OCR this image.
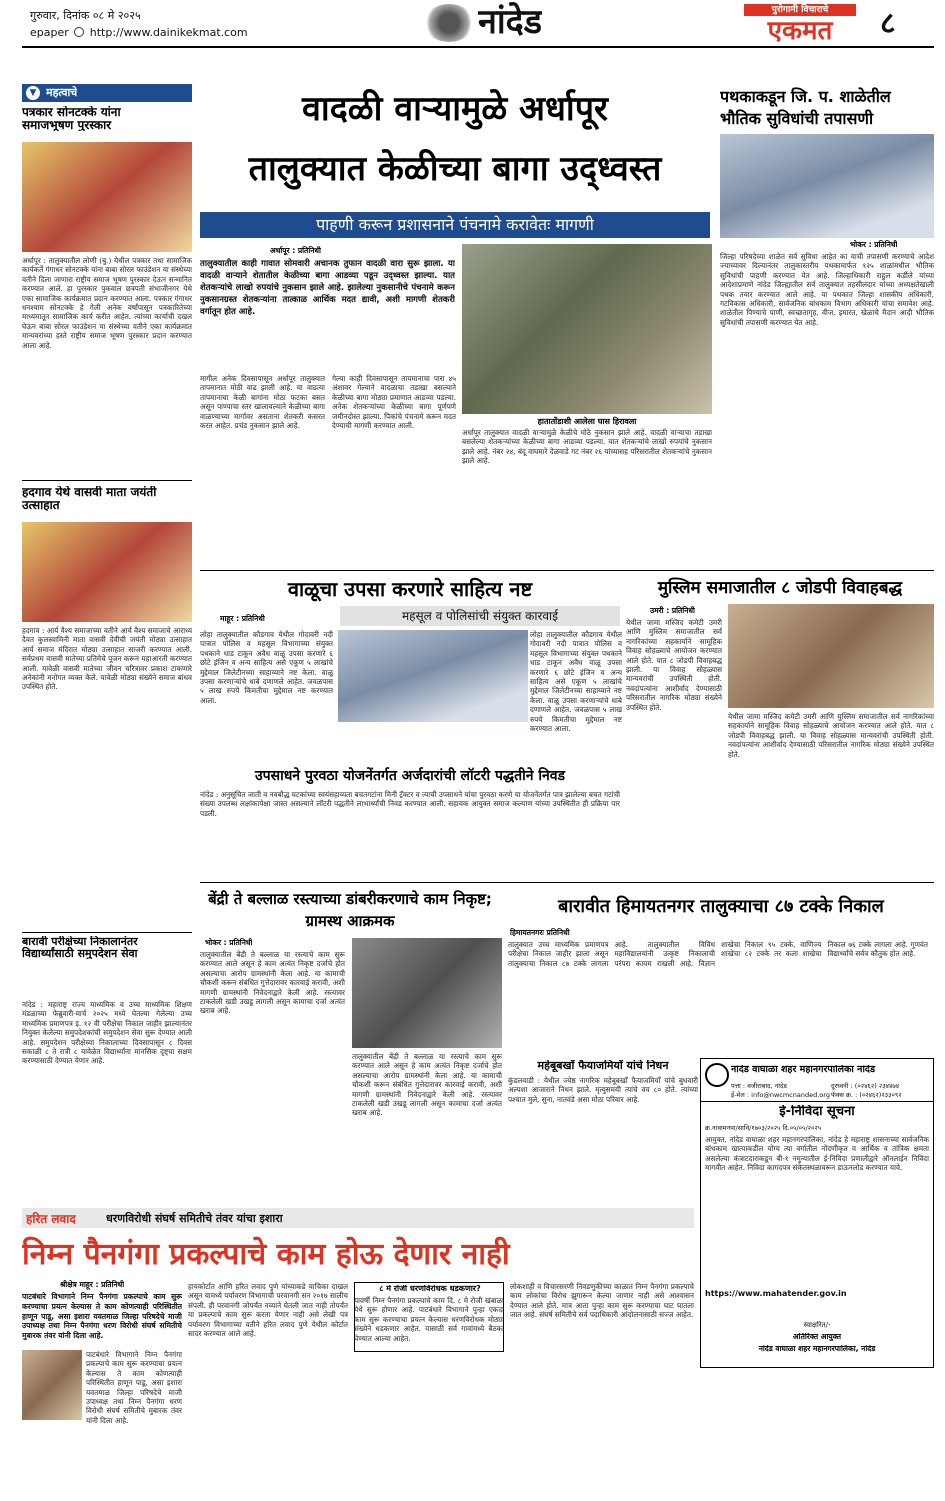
गुरुवार, दिनांक ०८ मे २०२५
epaper http://www.dainikekmat.com	नांदेड	पुरोगामी विचाराचे
एकमत	८
▼ महत्वाचे
पत्रकार सोनटक्के यांना समाजभूषण पुरस्कार
अर्धापूर : तालुक्यातील लोणी (बु.) येथील पत्रकार तथा सामाजिक कार्यकर्ते गंगाधर सोनटक्के यांना बाबा सोरल फाउंडेशन या संस्थेच्या वतीने दिला जाणारा राष्ट्रीय समाज भूषण पुरस्कार देऊन सन्मानित करण्यात आले. हा पुरस्कार पुकवाल छत्रपती संभाजीनगर येथे एका सामाजिक कार्यक्रमात प्रदान करण्यात आला. पत्रकार गंगाधर धनश्याम सोनटक्के हे गेली अनेक वर्षांपासून पत्रकारितेच्या माध्यमातून सामाजिक कार्य करीत आहेत. त्यांच्या कार्याची दखल घेऊन बाबा सोरल फाउंडेशन या संस्थेच्या वतीने एका कार्यक्रमात मान्यवरांच्या हस्ते राष्ट्रीय समाज भूषण पुरस्कार प्रदान करण्यात आला आहे.
हदगाव येथे वासवी माता जयंती उत्साहात
हदगाव : आर्य वैश्य समाजाच्या वतीने आर्य वैश्य समाजाचे आराध्य दैवत कुलस्वामिनी माता वासवी देवीची जयंती मोठ्या उत्साहात आर्य समाज मंदिरात मोठ्या उत्साहात साजरी करण्यात आली. सर्वप्रथम वासवी मातेच्या प्रतिमेचे पूजन करून महाआरती करण्यात आली. यावेळी वासवी मातेच्या जीवन चरित्रावर प्रकाश टाकणारे अनेकांनी मनोगत व्यक्त केले. यावेळी मोठ्या संख्येने समाज बांधव उपस्थित होते.
बारावी परीक्षेच्या निकालानंतर विद्यार्थ्यांसाठी समुपदेशन सेवा
नांदेड : महाराष्ट्र राज्य माध्यमिक व उच्च माध्यमिक शिक्षण मंडळाच्या फेब्रुवारी-मार्च २०२५ मध्ये घेतल्या गेलेल्या उच्च माध्यमिक प्रमाणपत्र इ. १२ वी परीक्षेचा निकाल जाहीर झाल्यानंतर नियुक्त केलेल्या समुपदेशकांची समुपदेशन सेवा सुरू देण्यात आली आहे. समुपदेशन परीक्षेच्या निकालाच्या दिवसापासून ८ दिवस सकाळी ८ ते रात्री ८ यावेळेत विद्यार्थ्यांना मानसिक दृष्ट्या सक्षम करण्यासाठी देण्यात येणार आहे.
वादळी वाऱ्यामुळे अर्धापूर
तालुक्यात केळीच्या बागा उद्ध्वस्त
पाहणी करून प्रशासनाने पंचनामे करावेतः मागणी
अर्धापूर : प्रतिनिधी
तालुक्यातील काही गावात सोमवारी अचानक तुफान वादळी वारा सुरू झाला. या वादळी वाऱ्याने शेतातील केळीच्या बागा आडव्या पडून उद्ध्वस्त झाल्या. यात शेतकऱ्यांचे लाखो रुपयांचे नुकसान झाले आहे. झालेल्या नुकसानीचे पंचनामे करून नुकसानग्रस्त शेतकऱ्यांना तात्काळ आर्थिक मदत द्यावी, अशी मागणी शेतकरी वर्गातून होत आहे.
मागील अनेक दिवसापासून अर्धापूर तालुक्यात तापमानात मोठी वाढ झाली आहे. या वाढत्या तापमानाचा केळी बागांना मोठा फटका बसत असून पाण्याचा स्तर खालावल्याने केळीच्या बागा वाळण्याच्या मार्गावर असताना शेतकरी कसरत करत आहेत. प्रचंड नुकसान झाले आहे.
गेल्या काही दिवसापासून तापमानाचा पारा ४५ अंशावर गेल्याने वादळाचा तडाखा बसल्याने केळीच्या बागा मोठ्या प्रमाणात आडव्या पडल्या. अनेक शेतकऱ्यांच्या केळीच्या बागा पूर्णपणे जमीनदोस्त झाल्या. पिकांचे पंचनामे करून मदत देण्याची मागणी करण्यात आली.	हातातोंडाशी आलेला घास हिरावला
अर्धापूर तालुक्यात वादळी वाऱ्यामुळे केळीचे मोठे नुकसान झाले आहे. वादळी वाऱ्याचा तडाखा बसलेल्या शेतकऱ्यांच्या केळीच्या बागा आडव्या पडल्या. यात शेतकऱ्यांचे लाखो रुपयांचे नुकसान झाले आहे. नंबर २४, बंदू वाघमारे देळवाडे गट नंबर २६ यांच्यासह परिसरातील शेतकऱ्यांचे नुकसान झाले आहे.
पथकाकडून जि. प. शाळेतील भौतिक सुविधांची तपासणी
भोकर : प्रतिनिधी
जिल्हा परिषदेच्या शाळेत सर्व सुविधा आहेत का याची तपासणी करण्याचे आदेश ज्याच्यावर दिल्यानंतर तालुकास्तरीय पथकामार्फत १२५ शाळांमधील भौतिक सुविधांची पाहणी करण्यात येत आहे. जिल्हाधिकारी राहुल कर्डीले यांच्या आदेशाप्रमाणे नांदेड जिल्ह्यातील सर्व तालुक्यात तहसीलदार यांच्या अध्यक्षतेखाली पथक तयार करण्यात आले आहे. या पथकात जिल्हा शासकीय अधिकारी, गटविकास अधिकारी, सार्वजनिक बांधकाम विभाग अधिकारी यांचा समावेश आहे. शाळेतील पिण्याचे पाणी, स्वच्छतागृह, वीज, इमारत, खेळाचे मैदान आदी भौतिक सुविधांची तपासणी करण्यात येत आहे.
वाळूचा उपसा करणारे साहित्य नष्ट
महसूल व पोलिसांची संयुक्त कारवाई
माहूर : प्रतिनिधी
लोहा तालुक्यातील कौडगाव येथील गोदावरी नदी पात्रात पोलिस व महसूल विभागाच्या संयुक्त पथकाने धाड टाकून अवैध वाळू उपसा करणारे ६ छोटे इंजिन व अन्य साहित्य असे एकूण ५ लाखांचे मुद्देमाल जिलेटीनच्या साहाय्याने नष्ट केला. वाळू उपसा करणाऱ्यांचे धाबे दणाणले आहेत. जवळपास ५ लाख रुपये किमतीचा मुद्देमाल नष्ट करण्यात आला.
लोहा तालुक्यातील कौडगाव येथील गोदावरी नदी पात्रात पोलिस व महसूल विभागाच्या संयुक्त पथकाने धाड टाकून अवैध वाळू उपसा करणारे ६ छोटे इंजिन व अन्य साहित्य असे एकूण ५ लाखांचे मुद्देमाल जिलेटीनच्या साहाय्याने नष्ट केला. वाळू उपसा करणाऱ्यांचे धाबे दणाणले आहेत. जवळपास ५ लाख रुपये किमतीचा मुद्देमाल नष्ट करण्यात आला.
मुस्लिम समाजातील ८ जोडपी विवाहबद्ध
उमरी : प्रतिनिधी
येथील जामा मस्जिद कमेटी उमरी आणि मुस्लिम समाजातील सर्व नागरिकांच्या सहकार्याने सामूहिक विवाह सोहळ्याचे आयोजन करण्यात आले होते. यात ८ जोडपी विवाहबद्ध झाली. या विवाह सोहळ्यास मान्यवरांची उपस्थिती होती. नवदांपत्यांना आशीर्वाद देण्यासाठी परिसरातील नागरिक मोठ्या संख्येने उपस्थित होते.
येथील जामा मस्जिद कमेटी उमरी आणि मुस्लिम समाजातील सर्व नागरिकांच्या सहकार्याने सामूहिक विवाह सोहळ्याचे आयोजन करण्यात आले होते. यात ८ जोडपी विवाहबद्ध झाली. या विवाह सोहळ्यास मान्यवरांची उपस्थिती होती. नवदांपत्यांना आशीर्वाद देण्यासाठी परिसरातील नागरिक मोठ्या संख्येने उपस्थित होते.
उपसाधने पुरवठा योजनेंतर्गत अर्जदारांची लॉटरी पद्धतीने निवड
नांदेड : अनुसूचित जाती व नवबौद्ध घटकांच्या स्वयंसहाय्यता बचतगटांना मिनी ट्रॅक्टर व त्याची उपसाधने यांचा पुरवठा करणे या योजनेंतर्गत पात्र झालेल्या बचत गटांची संख्या उपलब्ध लक्षांकापेक्षा जास्त असल्याने लॉटरी पद्धतीने लाभार्थ्यांची निवड करण्यात आली. सहायक आयुक्त समाज कल्याण यांच्या उपस्थितीत ही प्रक्रिया पार पडली.
बेंद्री ते बल्लाळ रस्त्याच्या डांबरीकरणाचे काम निकृष्ट; ग्रामस्थ आक्रमक
भोकर : प्रतिनिधी
तालुक्यातील बेंद्री ते बल्लाळ या रस्त्याचे काम सुरू करण्यात आले असून हे काम अत्यंत निकृष्ट दर्जाचे होत असल्याचा आरोप ग्रामस्थांनी केला आहे. या कामाची चौकशी करून संबंधित गुत्तेदारावर कारवाई करावी, अशी मागणी ग्रामस्थांनी निवेदनाद्वारे केली आहे. रस्त्यावर टाकलेली खडी उखडू लागली असून कामाचा दर्जा अत्यंत खराब आहे.
तालुक्यातील बेंद्री ते बल्लाळ या रस्त्याचे काम सुरू करण्यात आले असून हे काम अत्यंत निकृष्ट दर्जाचे होत असल्याचा आरोप ग्रामस्थांनी केला आहे. या कामाची चौकशी करून संबंधित गुत्तेदारावर कारवाई करावी, अशी मागणी ग्रामस्थांनी निवेदनाद्वारे केली आहे. रस्त्यावर टाकलेली खडी उखडू लागली असून कामाचा दर्जा अत्यंत खराब आहे.
बारावीत हिमायतनगर तालुक्याचा ८७ टक्के निकाल
हिमायतनगरः प्रतिनिधी
तालुक्यात उच्च माध्यमिक प्रमाणपत्र परीक्षेचा निकाल जाहीर झाला असून तालुक्याचा निकाल ८७ टक्के लागला आहे. तालुक्यातील विविध महाविद्यालयांनी उत्कृष्ट निकालाची परंपरा कायम राखली आहे. विज्ञान शाखेचा निकाल ९५ टक्के, वाणिज्य शाखेचा ८२ टक्के तर कला शाखेचा निकाल ७६ टक्के लागला आहे. गुणवंत विद्यार्थ्यांचे सर्वत्र कौतुक होत आहे.
महेबूबखाँ फैयाजमियाँ यांचे निधन
कुंडलवाडी : येथील ज्येष्ठ नागरिक महेबूबखाँ फैयाजमियाँ यांचे बुधवारी अल्पशा आजाराने निधन झाले. मृत्युसमयी त्यांचे वय ८० होते. त्यांच्या पश्चात मुले, सुना, नातवंडे असा मोठा परिवार आहे.
नांदेड वाघाळा शहर महानगरपालिका नांदेड
पत्ता : वजीराबाद, नांदेड	दूरध्वनी : (०२४६२) २३४४७४
ई-मेल : info@nwcmcnanded.org फॅक्स क्र. : (०२४६२)२३३०९२
ई-निविदा सूचना
क्र.नावामनपा/सावि/१७०३/२०२५ दि.०५/०५/२०२५
आयुक्त, नांदेड वाघाळा शहर महानगरपालिका, नांदेड हे महाराष्ट्र शासनाच्या सार्वजनिक बांधकाम खात्याकडील योग्य त्या वर्गातील नोंदणीकृत व आर्थिक व तांत्रिक क्षमता असलेल्या कंत्राटदाराकडून बी-१ नमुन्यातील ई-निविदा प्रणालीद्वारे ऑनलाईन निविदा मागवीत आहेत. निविदा कागदपत्र संकेतस्थळावरून डाऊनलोड करण्यात यावे.
https://www.mahatender.gov.in
स्वाक्षरित/-
अतिरिक्त आयुक्त
नांदेड वाघाळा शहर महानगरपालिका, नांदेड
हरित लवाद	धरणविरोधी संघर्ष समितीचे तंवर यांचा इशारा
निम्न पैनगंगा प्रकल्पाचे काम होऊ देणार नाही
श्रीक्षेत्र माहूर : प्रतिनिधी
पाटबंधारे विभागाने निम्न पैनगंगा प्रकल्पाचे काम सुरू करण्याचा प्रयत्न केल्यास ते काम कोणत्याही परिस्थितीत हाणून पाडू, असा इशारा यवतमाळ जिल्हा परिषदेचे माजी उपाध्यक्ष तथा निम्न पैनगंगा धरण विरोधी संघर्ष समितीचे मुबारक तंवर यांनी दिला आहे.
पाटबंधारे विभागाने निम्न पैनगंगा प्रकल्पाचे काम सुरू करण्याचा प्रयत्न केल्यास ते काम कोणत्याही परिस्थितीत हाणून पाडू, असा इशारा यवतमाळ जिल्हा परिषदेचे माजी उपाध्यक्ष तथा निम्न पैनगंगा धरण विरोधी संघर्ष समितीचे मुबारक तंवर यांनी दिला आहे.
हायकोर्टात आणि हरित लवाद पुणे यांच्याकडे याचिका दाखल असून यामध्ये पर्यावरण विभागाची परवानगी सन २०१७ सालीच संपली. ही परवानगी जोपर्यंत नव्याने घेतली जात नाही तोपर्यंत या प्रकल्पाचे काम सुरू करता येणार नाही असे लेखी पत्र पर्यावरण विभागाच्या वतीने हरित लवाद पुणे येथील कोर्टात सादर करण्यात आले आहे.
८ मे रोजी धरणविरोधक धडकणार?
यावर्षी निम्न पैनगंगा प्रकल्पाचे काम दि. ८ मे रोजी खंबाळा येथे सुरू होणार आहे. पाटबंधारे विभागाने पुन्हा एकदा काम सुरू करण्याचा प्रयत्न केल्यास धरणविरोधक मोठ्या संख्येने धडकणार आहेत. यासाठी सर्व गावांमध्ये बैठका घेण्यात आल्या आहेत.
लोकशाही व विचारसरणी निवडणुकीच्या काळात निम्न पैनगंगा प्रकल्पाचे काम लोकांचा विरोध झुगारून केल्या जाणार नाही असे आश्वासन देण्यात आले होते. मात्र आता पुन्हा काम सुरू करण्याचा घाट घातला जात आहे. संघर्ष समितीचे सर्व पदाधिकारी आंदोलनासाठी सज्ज आहेत.
